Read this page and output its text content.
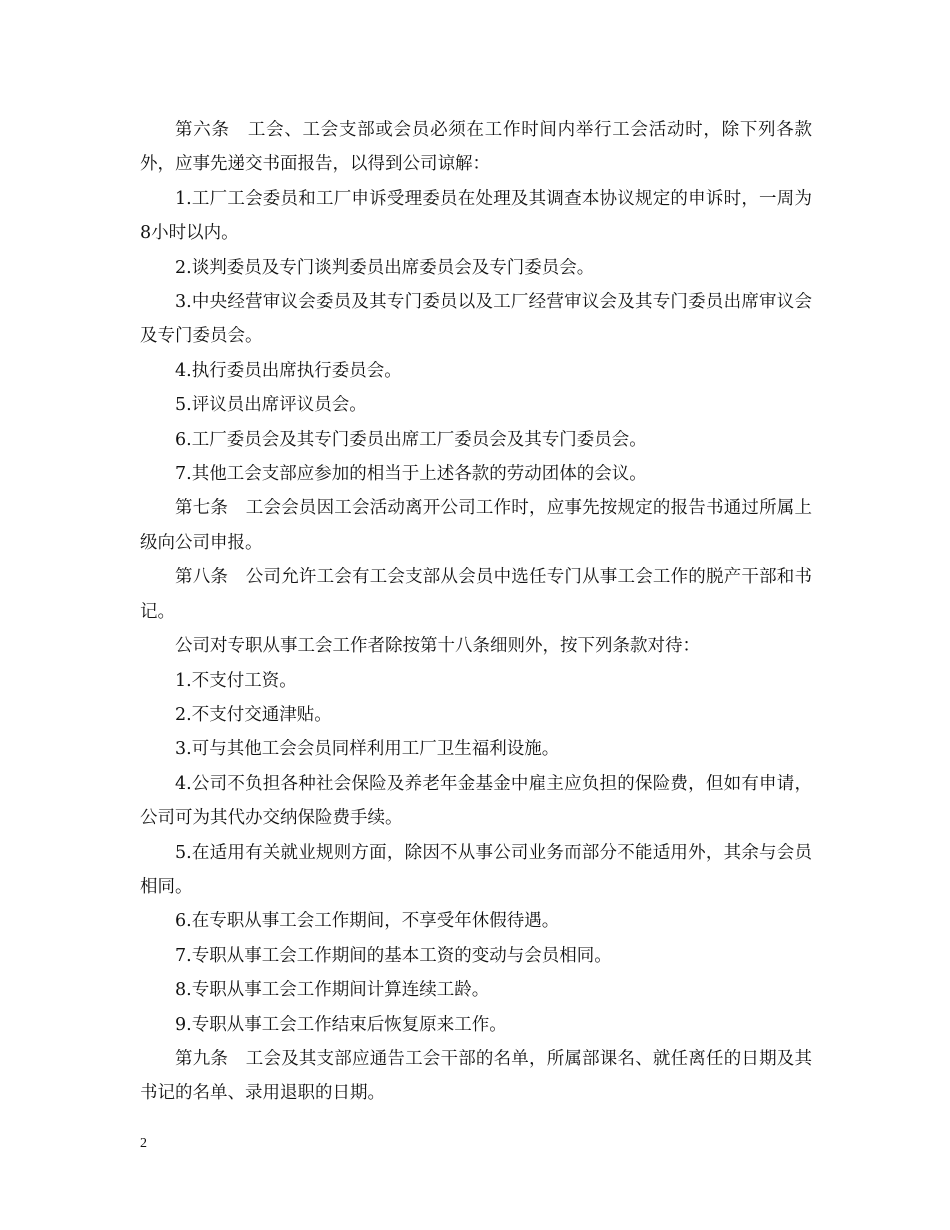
第六条　工会、工会支部或会员必须在工作时间内举行工会活动时，除下列各款外，应事先递交书面报告，以得到公司谅解：

1.工厂工会委员和工厂申诉受理委员在处理及其调查本协议规定的申诉时，一周为8小时以内。

2.谈判委员及专门谈判委员出席委员会及专门委员会。

3.中央经营审议会委员及其专门委员以及工厂经营审议会及其专门委员出席审议会及专门委员会。

4.执行委员出席执行委员会。

5.评议员出席评议员会。

6.工厂委员会及其专门委员出席工厂委员会及其专门委员会。

7.其他工会支部应参加的相当于上述各款的劳动团体的会议。

第七条　工会会员因工会活动离开公司工作时，应事先按规定的报告书通过所属上级向公司申报。

第八条　公司允许工会有工会支部从会员中选任专门从事工会工作的脱产干部和书记。

公司对专职从事工会工作者除按第十八条细则外，按下列条款对待：

1.不支付工资。

2.不支付交通津贴。

3.可与其他工会会员同样利用工厂卫生福利设施。

4.公司不负担各种社会保险及养老年金基金中雇主应负担的保险费，但如有申请，公司可为其代办交纳保险费手续。

5.在适用有关就业规则方面，除因不从事公司业务而部分不能适用外，其余与会员相同。

6.在专职从事工会工作期间，不享受年休假待遇。

7.专职从事工会工作期间的基本工资的变动与会员相同。

8.专职从事工会工作期间计算连续工龄。

9.专职从事工会工作结束后恢复原来工作。

第九条　工会及其支部应通告工会干部的名单，所属部课名、就任离任的日期及其书记的名单、录用退职的日期。

2
